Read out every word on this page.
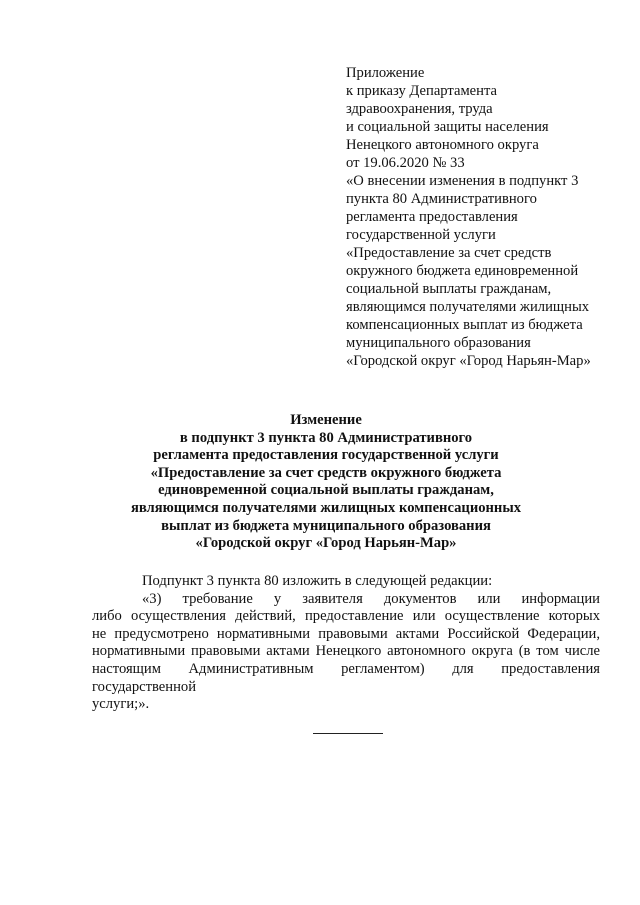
Приложение
к приказу Департамента
здравоохранения, труда
и социальной защиты населения
Ненецкого автономного округа
от 19.06.2020 № 33
«О внесении изменения в подпункт 3
пункта 80 Административного
регламента предоставления
государственной услуги
«Предоставление за счет средств
окружного бюджета единовременной
социальной выплаты гражданам,
являющимся получателями жилищных
компенсационных выплат из бюджета
муниципального образования
«Городской округ «Город Нарьян-Мар»
Изменение
в подпункт 3 пункта 80 Административного
регламента предоставления государственной услуги
«Предоставление за счет средств окружного бюджета
единовременной социальной выплаты гражданам,
являющимся получателями жилищных компенсационных
выплат из бюджета муниципального образования
«Городской округ «Город Нарьян-Мар»
Подпункт 3 пункта 80 изложить в следующей редакции:
«3) требование у заявителя документов или информации
либо осуществления действий, предоставление или осуществление которых
не предусмотрено нормативными правовыми актами Российской Федерации,
нормативными правовыми актами Ненецкого автономного округа (в том числе
настоящим Административным регламентом) для предоставления государственной
услуги;».
